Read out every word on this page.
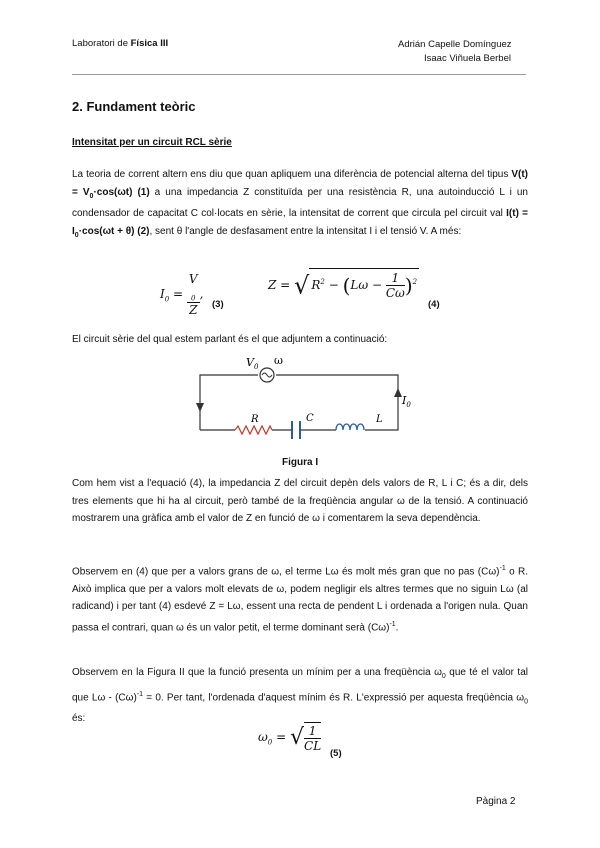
Laboratori de Física III	Adrián Capelle Domínguez
Isaac Viñuela Berbel
2. Fundament teòric
Intensitat per un circuit RCL sèrie
La teoria de corrent altern ens diu que quan apliquem una diferència de potencial alterna del tipus $V(t) = V_0\cdot\cos(\omega t)$ (1) a una impedancia Z constituïda per una resistència R, una autoinducció L i un condensador de capacitat C col·locats en sèrie, la intensitat de corrent que circula pel circuit val $I(t) = I_0\cdot\cos(\omega t + \theta)$ (2), sent θ l'angle de desfasament entre la intensitat I i el tensió V. A més:
$I_0 = V$
$_0$
Z ,
(3)
Z = √ $R^2 - (L\omega - \frac{1}{C\omega} )^2$
(4)
El circuit sèrie del qual estem parlant és el que adjuntem a continuació:
$V_0$ ω
$I_0$
R	C	L
Figura I
Com hem vist a l'equació (4), la impedancia Z del circuit depèn dels valors de R, L i C; és a dir, dels tres elements que hi ha al circuit, però també de la freqüència angular ω de la tensió. A continuació mostrarem una gràfica amb el valor de Z en funció de ω i comentarem la seva dependència.
Observem en (4) que per a valors grans de ω, el terme Lω és molt més gran que no pas $(C\omega)^{-1}$ o R. Això implica que per a valors molt elevats de ω, podem negligir els altres termes que no siguin Lω (al radicand) i per tant (4) esdevé Z = Lω, essent una recta de pendent L i ordenada a l'origen nula. Quan passa el contrari, quan ω és un valor petit, el terme dominant serà $(C\omega)^{-1}$.
Observem en la Figura II que la funció presenta un mínim per a una freqüència $\omega_0$ que té el valor tal que $L\omega - (C\omega)^{-1} = 0$. Per tant, l'ordenada d'aquest mínim és R. L'expressió per aquesta freqüència $\omega_0$ és:
$\omega_0$ = √ $\frac{1}{CL}$
(5)
Pàgina 2
